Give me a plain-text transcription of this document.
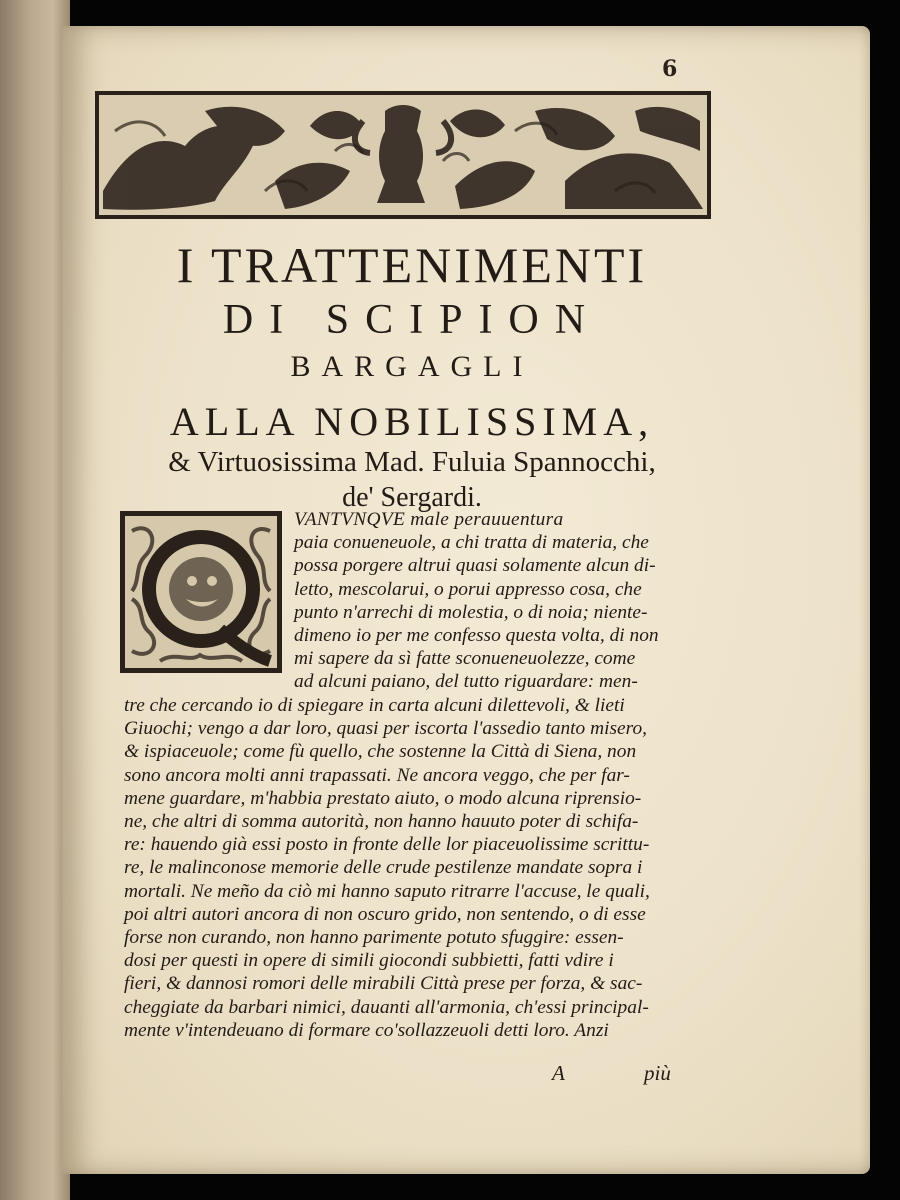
6
I TRATTENIMENTI
DI SCIPION
BARGAGLI
ALLA NOBILISSIMA,
& Virtuosissima Mad. Fuluia Spannocchi,
de' Sergardi.
VANTVNQVE male perauuentura
paia conueneuole, a chi tratta di materia, che
possa porgere altrui quasi solamente alcun di-
letto, mescolarui, o porui appresso cosa, che
punto n'arrechi di molestia, o di noia; niente-
dimeno io per me confesso questa volta, di non
mi sapere da sì fatte sconueneuolezze, come
ad alcuni paiano, del tutto riguardare: men-
tre che cercando io di spiegare in carta alcuni dilettevoli, & lieti
Giuochi; vengo a dar loro, quasi per iscorta l'assedio tanto misero,
& ispiaceuole; come fù quello, che sostenne la Città di Siena, non
sono ancora molti anni trapassati. Ne ancora veggo, che per far-
mene guardare, m'habbia prestato aiuto, o modo alcuna riprensio-
ne, che altri di somma autorità, non hanno hauuto poter di schifa-
re: hauendo già essi posto in fronte delle lor piaceuolissime scrittu-
re, le malinconose memorie delle crude pestilenze mandate sopra i
mortali. Ne meño da ciò mi hanno saputo ritrarre l'accuse, le quali,
poi altri autori ancora di non oscuro grido, non sentendo, o di esse
forse non curando, non hanno parimente potuto sfuggire: essen-
dosi per questi in opere di simili giocondi subbietti, fatti vdire i
fieri, & dannosi romori delle mirabili Città prese per forza, & sac-
cheggiate da barbari nimici, dauanti all'armonia, ch'essi principal-
mente v'intendeuano di formare co'sollazzeuoli detti loro. Anzi
A	più
